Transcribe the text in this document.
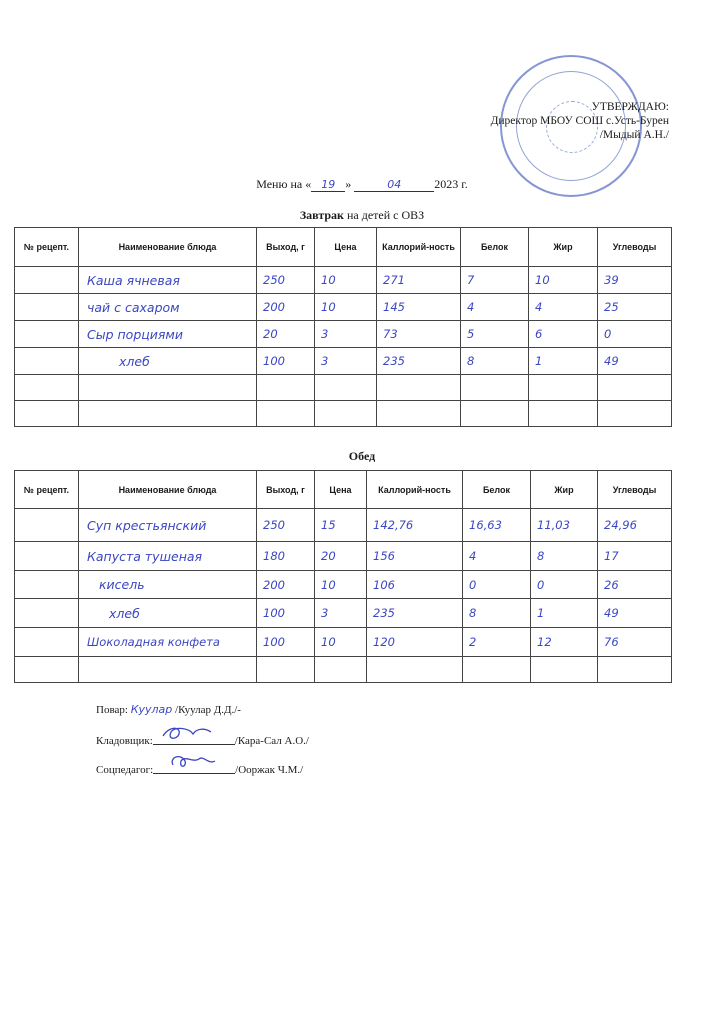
УТВЕРЖДАЮ:
Директор МБОУ СОШ с.Усть-Бурен
/Мыдый А.Н./
Меню на « 19 »	04	2023 г.
Завтрак на детей с ОВЗ
№ рецепт.	Наименование блюда	Выход, г	Цена	Каллорий-ность	Белок	Жир	Углеводы
	Каша ячневая	250	10	271	7	10	39
	чай с сахаром	200	10	145	4	4	25
	Сыр порциями	20	3	73	5	6	0
	хлеб	100	3	235	8	1	49

Обед
№ рецепт.	Наименование блюда	Выход, г	Цена	Каллорий-ность	Белок	Жир	Углеводы
	Суп крестьянский	250	15	142,76	16,63	11,03	24,96
	Капуста тушеная	180	20	156	4	8	17
	кисель	200	10	106	0	0	26
	хлеб	100	3	235	8	1	49
	Шоколадная конфета	100	10	120	2	12	76

Повар: Куулар /Куулар Д.Д./-
Кладовщик:	/Кара-Сал А.О./
Соцпедагог:	/Ооржак Ч.М./
